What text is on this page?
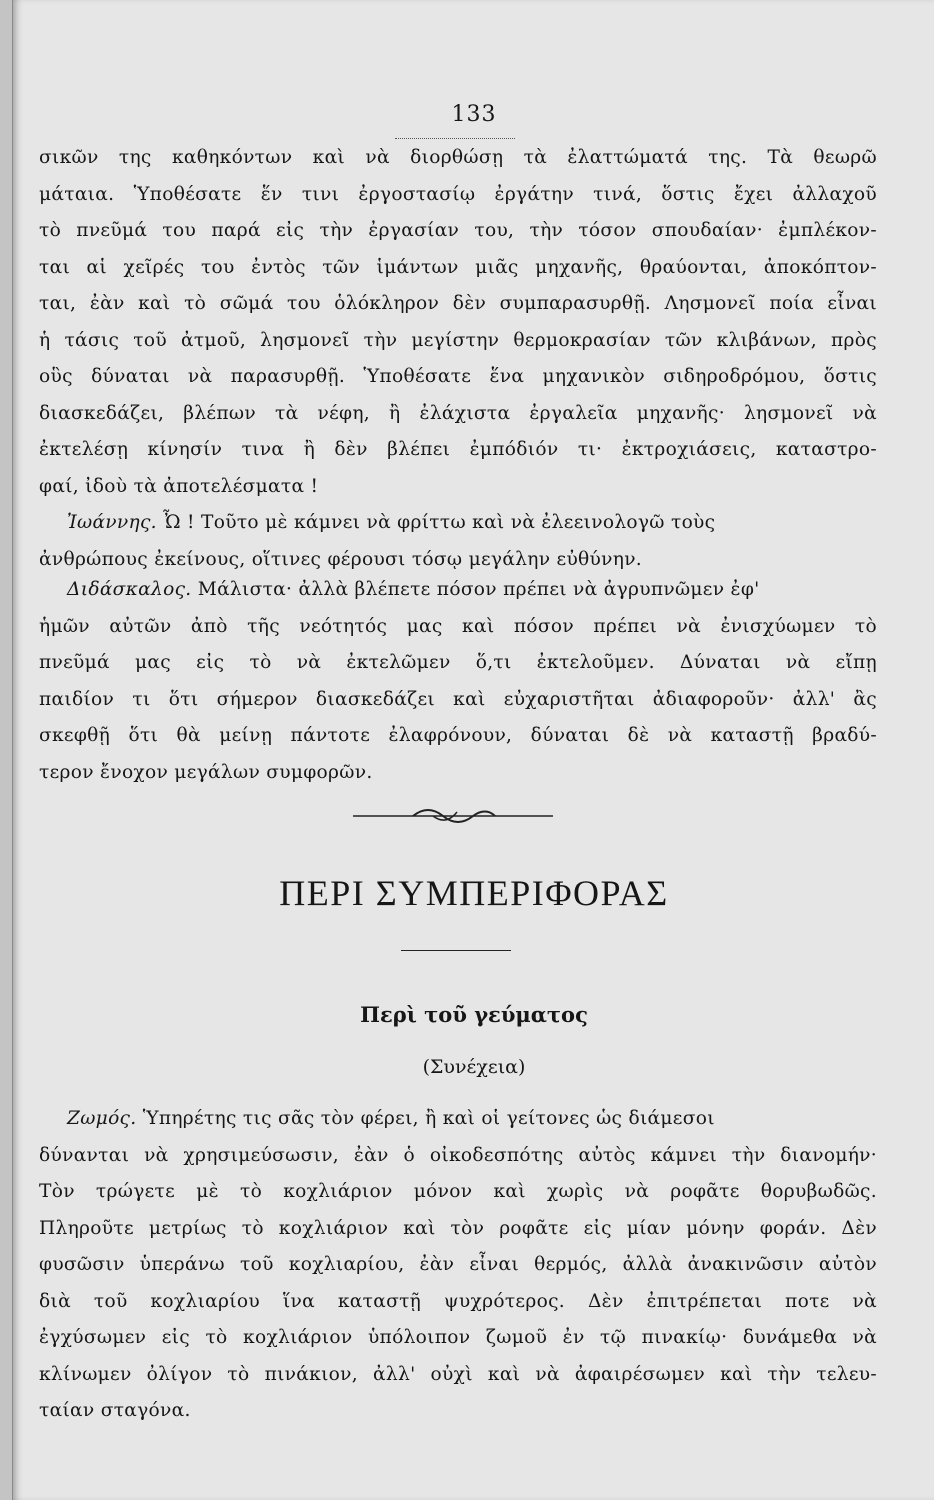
133
σικῶν της καθηκόντων καὶ νὰ διορθώσῃ τὰ ἐλαττώματά της. Τὰ θεωρῶ
μάταια. Ὑποθέσατε ἕν τινι ἐργοστασίῳ ἐργάτην τινά, ὅστις ἔχει ἀλλαχοῦ
τὸ πνεῦμά του παρά εἰς τὴν ἐργασίαν του, τὴν τόσον σπουδαίαν· ἐμπλέκον-
ται αἱ χεῖρές του ἐντὸς τῶν ἱμάντων μιᾶς μηχανῆς, θραύονται, ἀποκόπτον-
ται, ἐὰν καὶ τὸ σῶμά του ὁλόκληρον δὲν συμπαρασυρθῇ. Λησμονεῖ ποία εἶναι
ἡ τάσις τοῦ ἀτμοῦ, λησμονεῖ τὴν μεγίστην θερμοκρασίαν τῶν κλιβάνων, πρὸς
οὓς δύναται νὰ παρασυρθῇ. Ὑποθέσατε ἕνα μηχανικὸν σιδηροδρόμου, ὅστις
διασκεδάζει, βλέπων τὰ νέφη, ἢ ἐλάχιστα ἐργαλεῖα μηχανῆς· λησμονεῖ νὰ
ἐκτελέσῃ κίνησίν τινα ἢ δὲν βλέπει ἐμπόδιόν τι· ἐκτροχιάσεις, καταστρο-
φαί, ἰδοὺ τὰ ἀποτελέσματα !
Ἰωάννης. Ὦ ! Τοῦτο μὲ κάμνει νὰ φρίττω καὶ νὰ ἐλεεινολογῶ τοὺς
ἀνθρώπους ἐκείνους, οἵτινες φέρουσι τόσῳ μεγάλην εὐθύνην.
Διδάσκαλος. Μάλιστα· ἀλλὰ βλέπετε πόσον πρέπει νὰ ἀγρυπνῶμεν ἐφ'
ἡμῶν αὐτῶν ἀπὸ τῆς νεότητός μας καὶ πόσον πρέπει νὰ ἐνισχύωμεν τὸ
πνεῦμά μας εἰς τὸ νὰ ἐκτελῶμεν ὅ,τι ἐκτελοῦμεν. Δύναται νὰ εἴπῃ
παιδίον τι ὅτι σήμερον διασκεδάζει καὶ εὐχαριστῆται ἀδιαφοροῦν· ἀλλ' ἂς
σκεφθῇ ὅτι θὰ μείνῃ πάντοτε ἐλαφρόνουν, δύναται δὲ νὰ καταστῇ βραδύ-
τερον ἔνοχον μεγάλων συμφορῶν.
ΠΕΡΙ ΣΥΜΠΕΡΙΦΟΡΑΣ
Περὶ τοῦ γεύματος
(Συνέχεια)
Ζωμός. Ὑπηρέτης τις σᾶς τὸν φέρει, ἢ καὶ οἱ γείτονες ὡς διάμεσοι
δύνανται νὰ χρησιμεύσωσιν, ἐὰν ὁ οἰκοδεσπότης αὐτὸς κάμνει τὴν διανομήν·
Τὸν τρώγετε μὲ τὸ κοχλιάριον μόνον καὶ χωρὶς νὰ ροφᾶτε θορυβωδῶς.
Πληροῦτε μετρίως τὸ κοχλιάριον καὶ τὸν ροφᾶτε εἰς μίαν μόνην φοράν. Δὲν
φυσῶσιν ὑπεράνω τοῦ κοχλιαρίου, ἐὰν εἶναι θερμός, ἀλλὰ ἀνακινῶσιν αὐτὸν
διὰ τοῦ κοχλιαρίου ἵνα καταστῇ ψυχρότερος. Δὲν ἐπιτρέπεται ποτε νὰ
ἐγχύσωμεν εἰς τὸ κοχλιάριον ὑπόλοιπον ζωμοῦ ἐν τῷ πινακίῳ· δυνάμεθα νὰ
κλίνωμεν ὀλίγον τὸ πινάκιον, ἀλλ' οὐχὶ καὶ νὰ ἀφαιρέσωμεν καὶ τὴν τελευ-
ταίαν σταγόνα.
